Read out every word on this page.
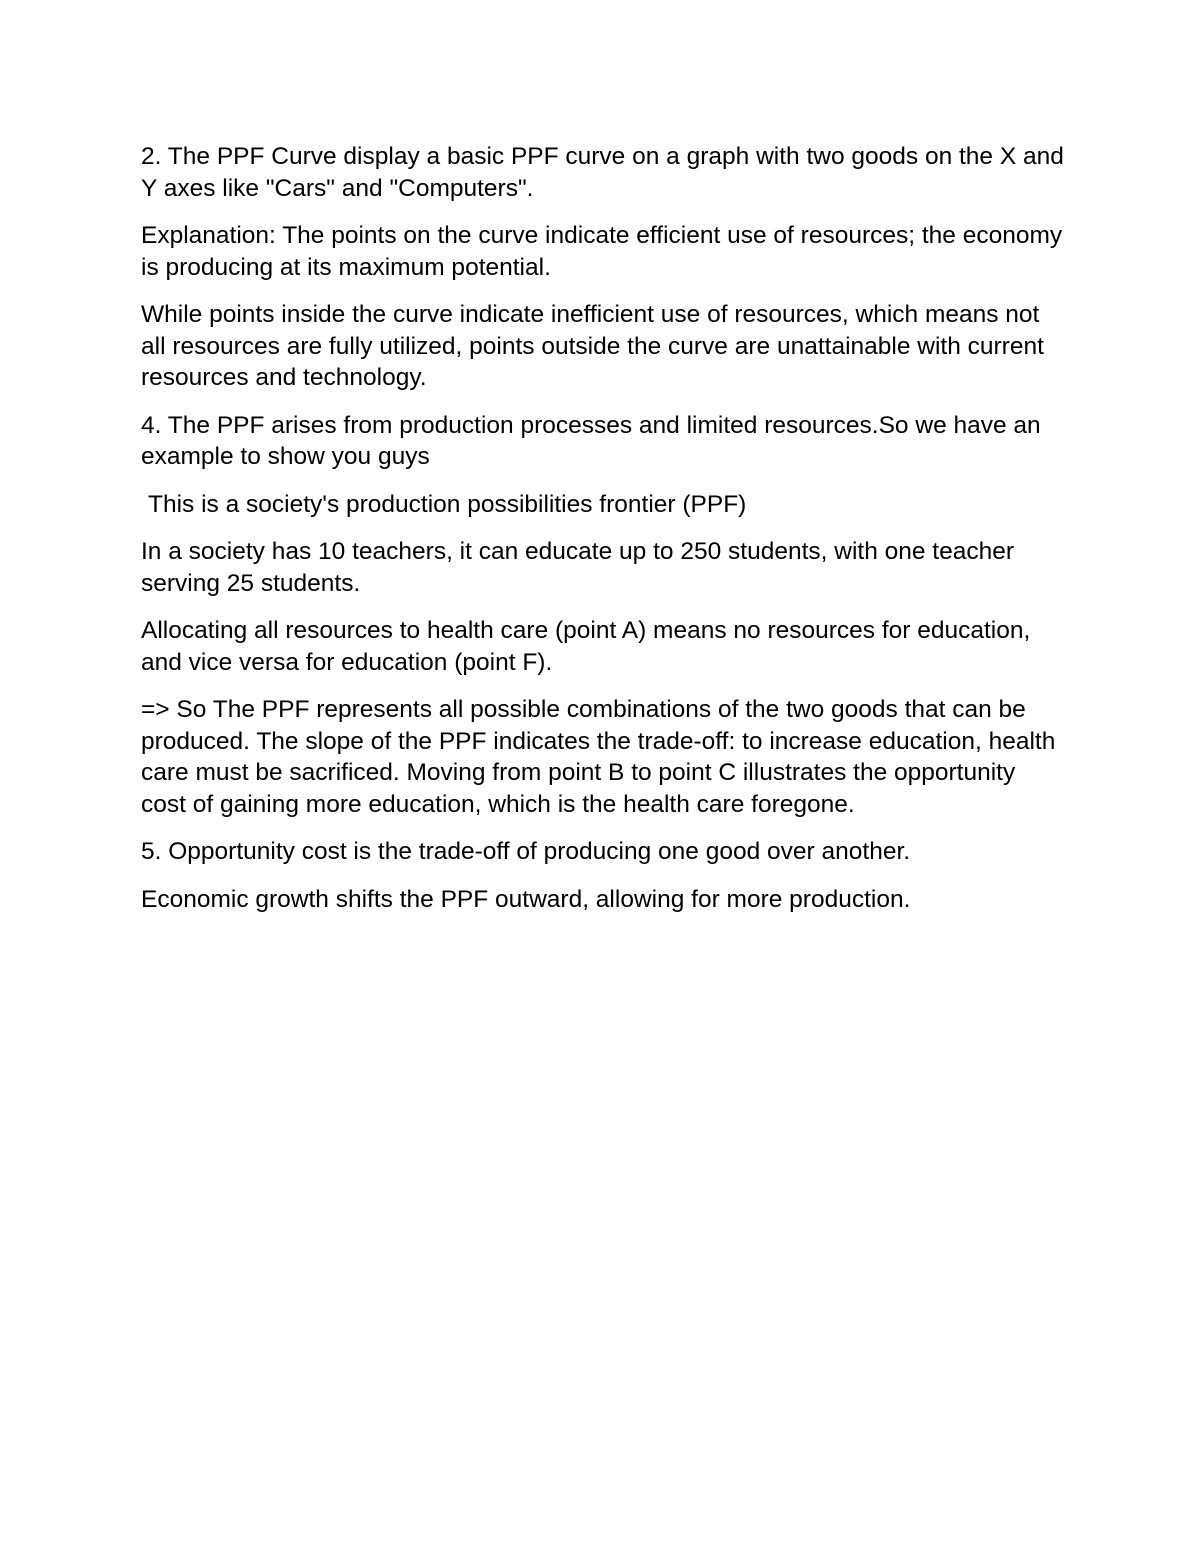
2. The PPF Curve display a basic PPF curve on a graph with two goods on the X and Y axes like "Cars" and "Computers".

Explanation: The points on the curve indicate efficient use of resources; the economy is producing at its maximum potential.

While points inside the curve indicate inefficient use of resources, which means not all resources are fully utilized, points outside the curve are unattainable with current resources and technology.

4. The PPF arises from production processes and limited resources.So we have an example to show you guys

This is a society's production possibilities frontier (PPF)

In a society has 10 teachers, it can educate up to 250 students, with one teacher serving 25 students.

Allocating all resources to health care (point A) means no resources for education, and vice versa for education (point F).

=> So The PPF represents all possible combinations of the two goods that can be produced. The slope of the PPF indicates the trade-off: to increase education, health care must be sacrificed. Moving from point B to point C illustrates the opportunity cost of gaining more education, which is the health care foregone.

5. Opportunity cost is the trade-off of producing one good over another.

Economic growth shifts the PPF outward, allowing for more production.
